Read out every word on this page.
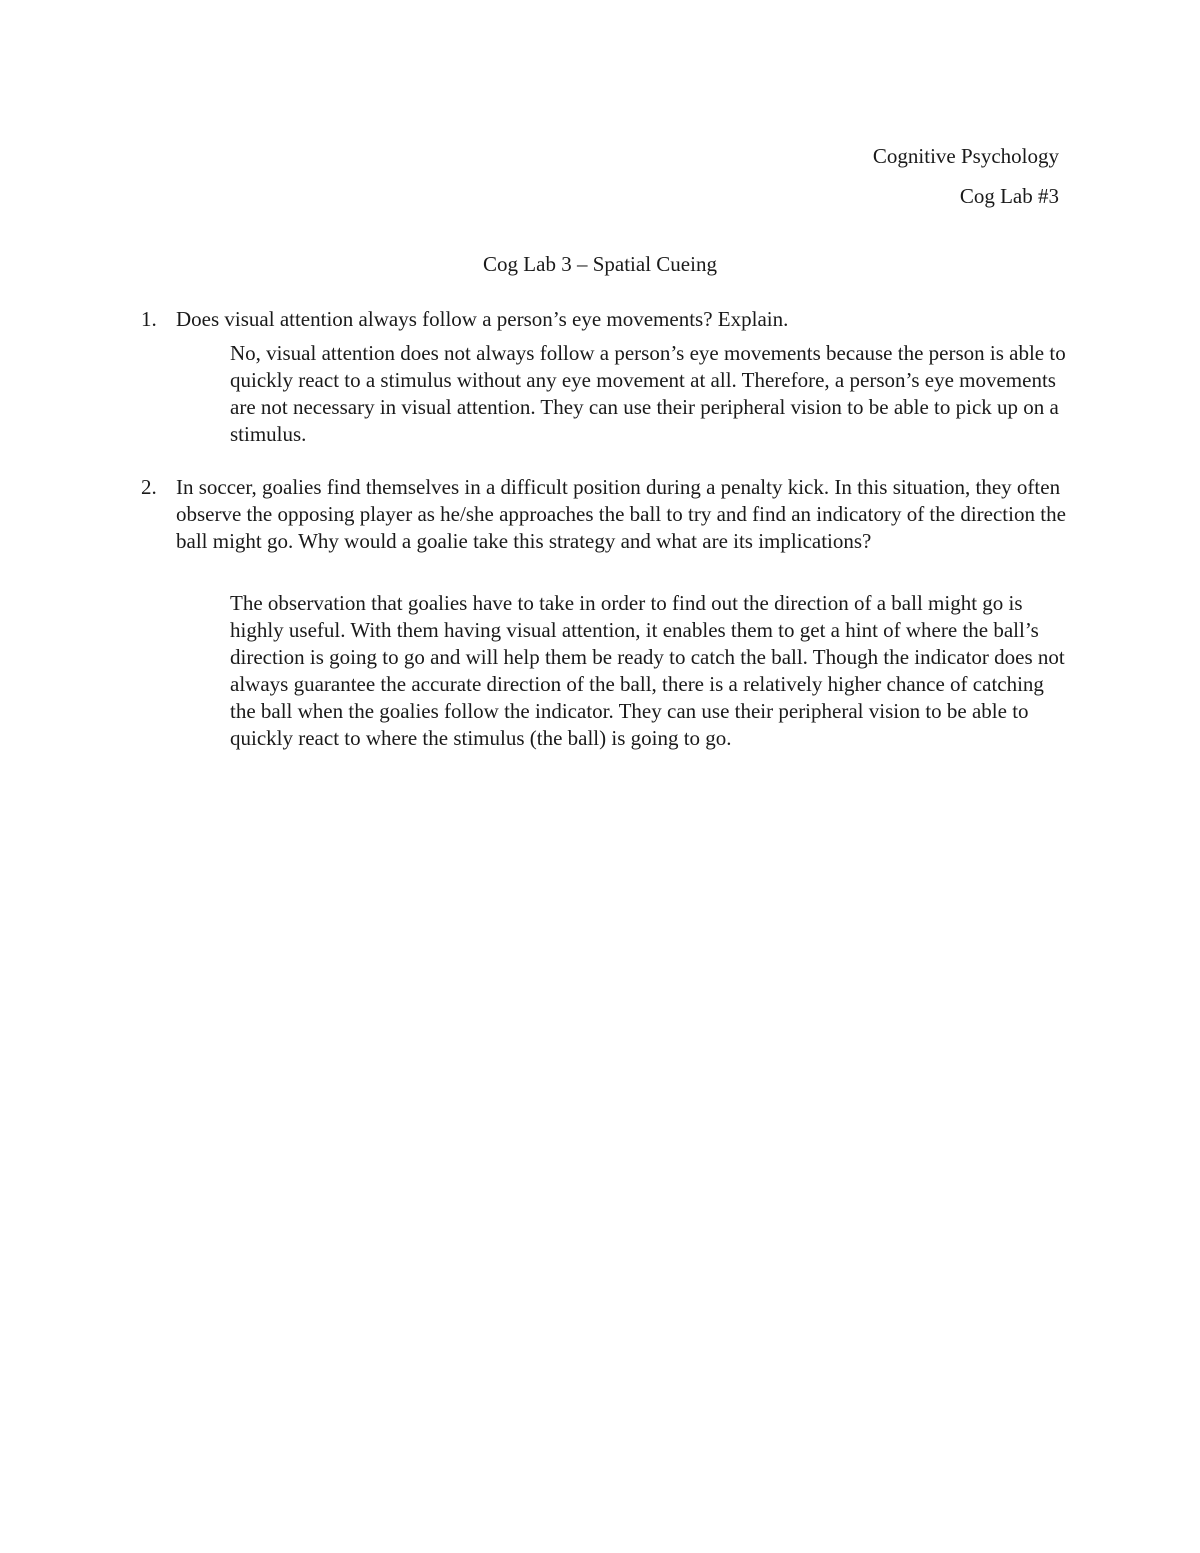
Cognitive Psychology
Cog Lab #3
Cog Lab 3 – Spatial Cueing
1. Does visual attention always follow a person’s eye movements? Explain.
No, visual attention does not always follow a person’s eye movements because the person is able to quickly react to a stimulus without any eye movement at all. Therefore, a person’s eye movements are not necessary in visual attention. They can use their peripheral vision to be able to pick up on a stimulus.
2. In soccer, goalies find themselves in a difficult position during a penalty kick. In this situation, they often observe the opposing player as he/she approaches the ball to try and find an indicatory of the direction the ball might go. Why would a goalie take this strategy and what are its implications?
The observation that goalies have to take in order to find out the direction of a ball might go is highly useful. With them having visual attention, it enables them to get a hint of where the ball’s direction is going to go and will help them be ready to catch the ball. Though the indicator does not always guarantee the accurate direction of the ball, there is a relatively higher chance of catching the ball when the goalies follow the indicator. They can use their peripheral vision to be able to quickly react to where the stimulus (the ball) is going to go.
